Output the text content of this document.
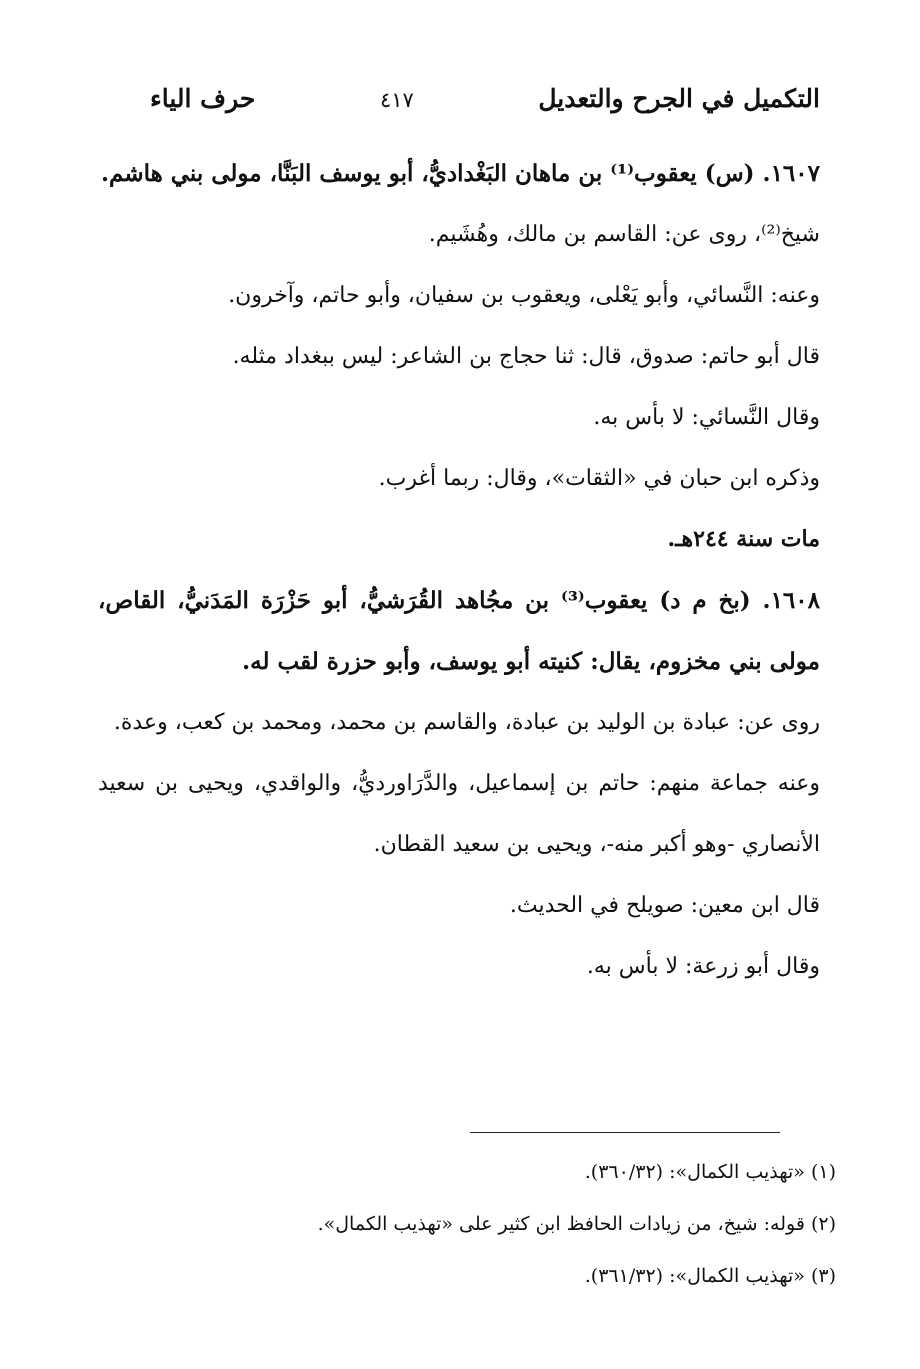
التكميل في الجرح والتعديل
٤١٧
حرف الياء

١٦٠٧. (س) يعقوب⁽¹⁾ بن ماهان البَغْداديُّ، أبو يوسف البَنَّا، مولى بني هاشم.

شيخ⁽²⁾، روى عن: القاسم بن مالك، وهُشَيم.

وعنه: النَّسائي، وأبو يَعْلى، ويعقوب بن سفيان، وأبو حاتم، وآخرون.

قال أبو حاتم: صدوق، قال: ثنا حجاج بن الشاعر: ليس ببغداد مثله.

وقال النَّسائي: لا بأس به.

وذكره ابن حبان في «الثقات»، وقال: ربما أغرب.

مات سنة ٢٤٤هـ.

١٦٠٨. (بخ م د) يعقوب⁽³⁾ بن مجُاهد القُرَشيُّ، أبو حَزْرَة المَدَنيُّ، القاص، مولى بني مخزوم، يقال: كنيته أبو يوسف، وأبو حزرة لقب له.

روى عن: عبادة بن الوليد بن عبادة، والقاسم بن محمد، ومحمد بن كعب، وعدة.

وعنه جماعة منهم: حاتم بن إسماعيل، والدَّرَاورديُّ، والواقدي، ويحيى بن سعيد الأنصاري -وهو أكبر منه-، ويحيى بن سعيد القطان.

قال ابن معين: صويلح في الحديث.

وقال أبو زرعة: لا بأس به.

(١) «تهذيب الكمال»: (٣٦٠/٣٢).

(٢) قوله: شيخ، من زيادات الحافظ ابن كثير على «تهذيب الكمال».

(٣) «تهذيب الكمال»: (٣٦١/٣٢).
